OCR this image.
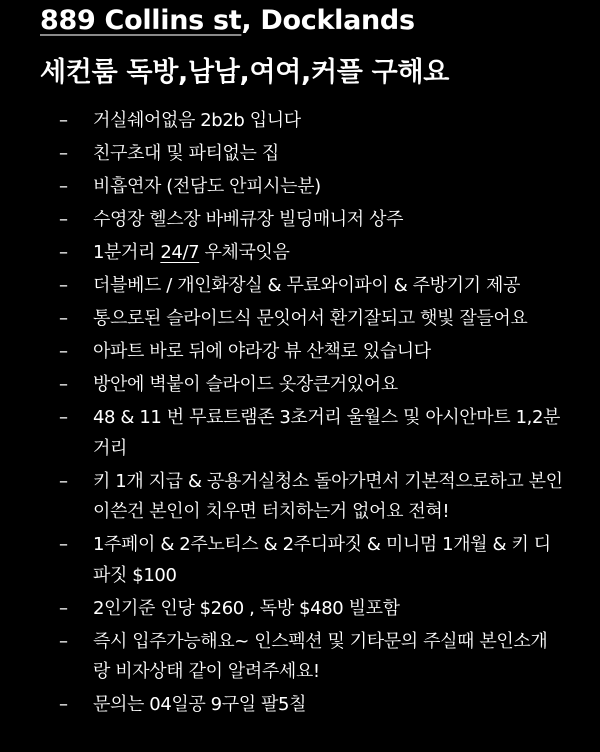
889 Collins st, Docklands
세컨룸 독방,남남,여여,커플 구해요
– 거실쉐어없음 2b2b 입니다
– 친구초대 및 파티없는 집
– 비흡연자 (전담도 안피시는분)
– 수영장 헬스장 바베큐장 빌딩매니저 상주
– 1분거리 24/7 우체국잇음
– 더블베드 / 개인화장실 & 무료와이파이 & 주방기기 제공
– 통으로된 슬라이드식 문잇어서 환기잘되고 햇빛 잘들어요
– 아파트 바로 뒤에 야라강 뷰 산책로 있습니다
– 방안에 벽붙이 슬라이드 옷장큰거있어요
– 48 & 11 번 무료트램존 3초거리 울월스 및 아시안마트 1,2분거리
– 키 1개 지급 & 공용거실청소 돌아가면서 기본적으로하고 본인이쓴건 본인이 치우면 터치하는거 없어요 전혀!
– 1주페이 & 2주노티스 & 2주디파짓 & 미니멈 1개월 & 키 디파짓 $100
– 2인기준 인당 $260 , 독방 $480 빌포함
– 즉시 입주가능해요~ 인스펙션 및 기타문의 주실때 본인소개랑 비자상태 같이 알려주세요!
– 문의는 04일공 9구일 팔5칠
